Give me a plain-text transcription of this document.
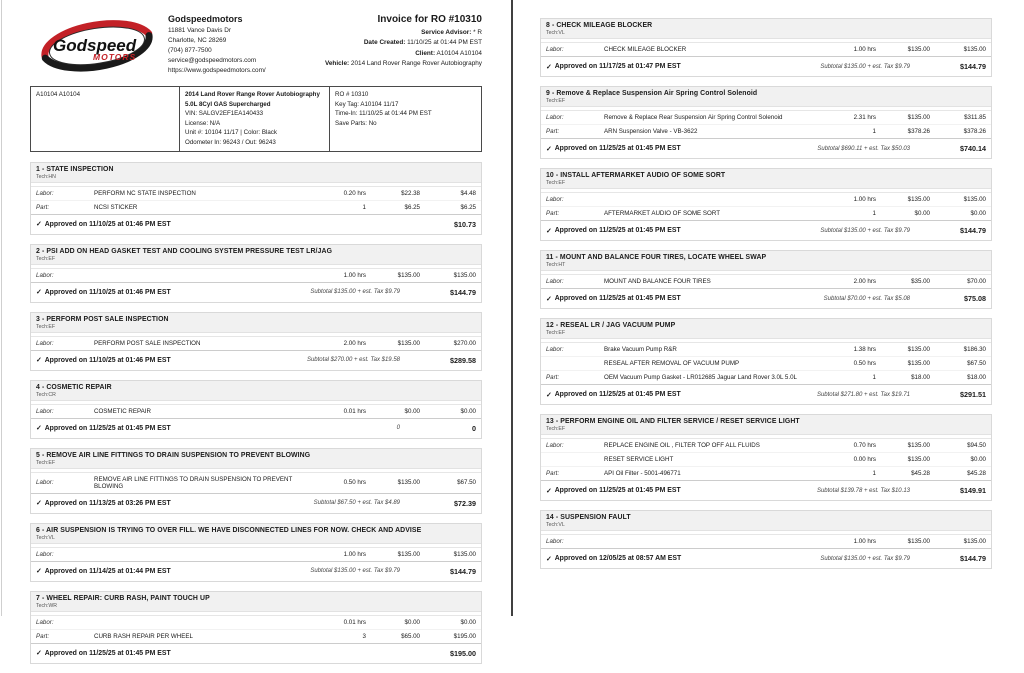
Godspeed
MOTORS
Godspeedmotors
11881 Vance Davis Dr
Charlotte, NC 28269
(704) 877-7500
service@godspeedmotors.com
https://www.godspeedmotors.com/
Invoice for RO #10310
Service Advisor: * R
Date Created: 11/10/25 at 01:44 PM EST
Client: A10104 A10104
Vehicle: 2014 Land Rover Range Rover Autobiography
A10104 A10104	2014 Land Rover Range Rover Autobiography
5.0L 8Cyl GAS Supercharged
VIN: SALGV2EF1EA140433
License: N/A
Unit #: 10104 11/17 | Color: Black
Odometer In: 96243 / Out: 96243
RO # 10310
Key Tag: A10104 11/17
Time-In: 11/10/25 at 01:44 PM EST
Save Parts: No
1 - STATE INSPECTION
Tech:HN
Labor:	PERFORM NC STATE INSPECTION	0.20 hrs	$22.38	$4.48
Part:	NCSI STICKER	1	$6.25	$6.25
✓ Approved on 11/10/25 at 01:46 PM EST	$10.73
2 - PSI ADD ON HEAD GASKET TEST AND COOLING SYSTEM PRESSURE TEST LR/JAG
Tech:EF
Labor:	1.00 hrs	$135.00	$135.00
✓ Approved on 11/10/25 at 01:46 PM EST	Subtotal $135.00 + est. Tax $9.79	$144.79
3 - PERFORM POST SALE INSPECTION
Tech:EF
Labor:	PERFORM POST SALE INSPECTION	2.00 hrs	$135.00	$270.00
✓ Approved on 11/10/25 at 01:46 PM EST	Subtotal $270.00 + est. Tax $19.58	$289.58
4 - COSMETIC REPAIR
Tech:CR
Labor:	COSMETIC REPAIR	0.01 hrs	$0.00	$0.00
✓ Approved on 11/25/25 at 01:45 PM EST	0	0
5 - REMOVE AIR LINE FITTINGS TO DRAIN SUSPENSION TO PREVENT BLOWING
Tech:EF
Labor:	REMOVE AIR LINE FITTINGS TO DRAIN SUSPENSION TO PREVENT BLOWING	0.50 hrs	$135.00	$67.50
✓ Approved on 11/13/25 at 03:26 PM EST	Subtotal $67.50 + est. Tax $4.89	$72.39
6 - AIR SUSPENSION IS TRYING TO OVER FILL. WE HAVE DISCONNECTED LINES FOR NOW. CHECK AND ADVISE
Tech:VL
Labor:	1.00 hrs	$135.00	$135.00
✓ Approved on 11/14/25 at 01:44 PM EST	Subtotal $135.00 + est. Tax $9.79	$144.79
7 - WHEEL REPAIR: CURB RASH, PAINT TOUCH UP
Tech:WR
Labor:	0.01 hrs	$0.00	$0.00
Part:	CURB RASH REPAIR PER WHEEL	3	$65.00	$195.00
✓ Approved on 11/25/25 at 01:45 PM EST	$195.00
8 - CHECK MILEAGE BLOCKER
Tech:VL
Labor:	CHECK MILEAGE BLOCKER	1.00 hrs	$135.00	$135.00
✓ Approved on 11/17/25 at 01:47 PM EST	Subtotal $135.00 + est. Tax $9.79	$144.79
9 - Remove & Replace Suspension Air Spring Control Solenoid
Tech:EF
Labor:	Remove & Replace Rear Suspension Air Spring Control Solenoid	2.31 hrs	$135.00	$311.85
Part:	ARN Suspension Valve - VB-3622	1	$378.26	$378.26
✓ Approved on 11/25/25 at 01:45 PM EST	Subtotal $690.11 + est. Tax $50.03	$740.14
10 - INSTALL AFTERMARKET AUDIO OF SOME SORT
Tech:EF
Labor:	1.00 hrs	$135.00	$135.00
Part:	AFTERMARKET AUDIO OF SOME SORT	1	$0.00	$0.00
✓ Approved on 11/25/25 at 01:45 PM EST	Subtotal $135.00 + est. Tax $9.79	$144.79
11 - MOUNT AND BALANCE FOUR TIRES, LOCATE WHEEL SWAP
Tech:HT
Labor:	MOUNT AND BALANCE FOUR TIRES	2.00 hrs	$35.00	$70.00
✓ Approved on 11/25/25 at 01:45 PM EST	Subtotal $70.00 + est. Tax $5.08	$75.08
12 - RESEAL LR / JAG VACUUM PUMP
Tech:EF
Labor:	Brake Vacuum Pump R&R	1.38 hrs	$135.00	$186.30
RESEAL AFTER REMOVAL OF VACUUM PUMP	0.50 hrs	$135.00	$67.50
Part:	OEM Vacuum Pump Gasket - LR012685 Jaguar Land Rover 3.0L 5.0L	1	$18.00	$18.00
✓ Approved on 11/25/25 at 01:45 PM EST	Subtotal $271.80 + est. Tax $19.71	$291.51
13 - PERFORM ENGINE OIL AND FILTER SERVICE / RESET SERVICE LIGHT
Tech:EF
Labor:	REPLACE ENGINE OIL , FILTER TOP OFF ALL FLUIDS	0.70 hrs	$135.00	$94.50
RESET SERVICE LIGHT	0.00 hrs	$135.00	$0.00
Part:	API Oil Filter - 5001-496771	1	$45.28	$45.28
✓ Approved on 11/25/25 at 01:45 PM EST	Subtotal $139.78 + est. Tax $10.13	$149.91
14 - SUSPENSION FAULT
Tech:VL
Labor:	1.00 hrs	$135.00	$135.00
✓ Approved on 12/05/25 at 08:57 AM EST	Subtotal $135.00 + est. Tax $9.79	$144.79
